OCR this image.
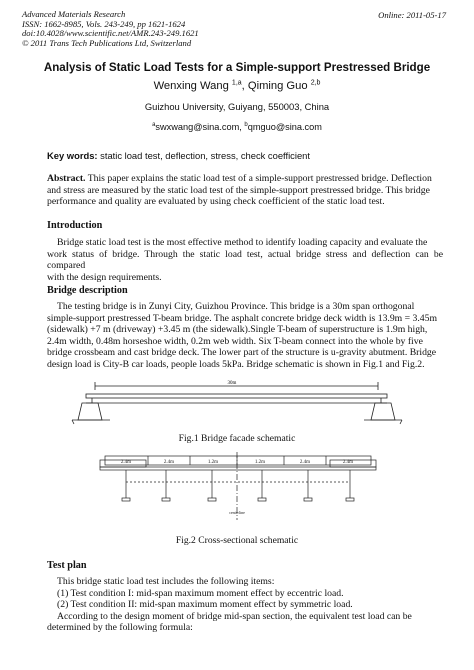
Advanced Materials Research
ISSN: 1662-8985, Vols. 243-249, pp 1621-1624
doi:10.4028/www.scientific.net/AMR.243-249.1621
© 2011 Trans Tech Publications Ltd, Switzerland
Online: 2011-05-17
Analysis of Static Load Tests for a Simple-support Prestressed Bridge
Wenxing Wang $^{1,a}$, Qiming Guo $^{2,b}$
Guizhou University, Guiyang, 550003, China
$^a$swxwang@sina.com, $^b$qmguo@sina.com
Key words: static load test, deflection, stress, check coefficient
Abstract. This paper explains the static load test of a simple-support prestressed bridge. Deflection
and stress are measured by the static load test of the simple-support prestressed bridge. This bridge
performance and quality are evaluated by using check coefficient of the static load test.
Introduction
Bridge static load test is the most effective method to identify loading capacity and evaluate the
work status of bridge. Through the static load test, actual bridge stress and deflection can be compared
with the design requirements.
Bridge description
The testing bridge is in Zunyi City, Guizhou Province. This bridge is a 30m span orthogonal
simple-support prestressed T-beam bridge. The asphalt concrete bridge deck width is 13.9m = 3.45m
(sidewalk) +7 m (driveway) +3.45 m (the sidewalk).Single T-beam of superstructure is 1.9m high,
2.4m width, 0.48m horseshoe width, 0.2m web width. Six T-beam connect into the whole by five
bridge crossbeam and cast bridge deck. The lower part of the structure is u-gravity abutment. Bridge
design load is City-B car loads, people loads 5kPa. Bridge schematic is shown in Fig.1 and Fig.2.
30m
Fig.1 Bridge facade schematic
2.4m	2.4m	1.2m	1.2m	2.4m	2.4m
centerline
Fig.2 Cross-sectional schematic
Test plan
This bridge static load test includes the following items:
(1) Test condition I: mid-span maximum moment effect by eccentric load.
(2) Test condition II: mid-span maximum moment effect by symmetric load.
According to the design moment of bridge mid-span section, the equivalent test load can be
determined by the following formula:
